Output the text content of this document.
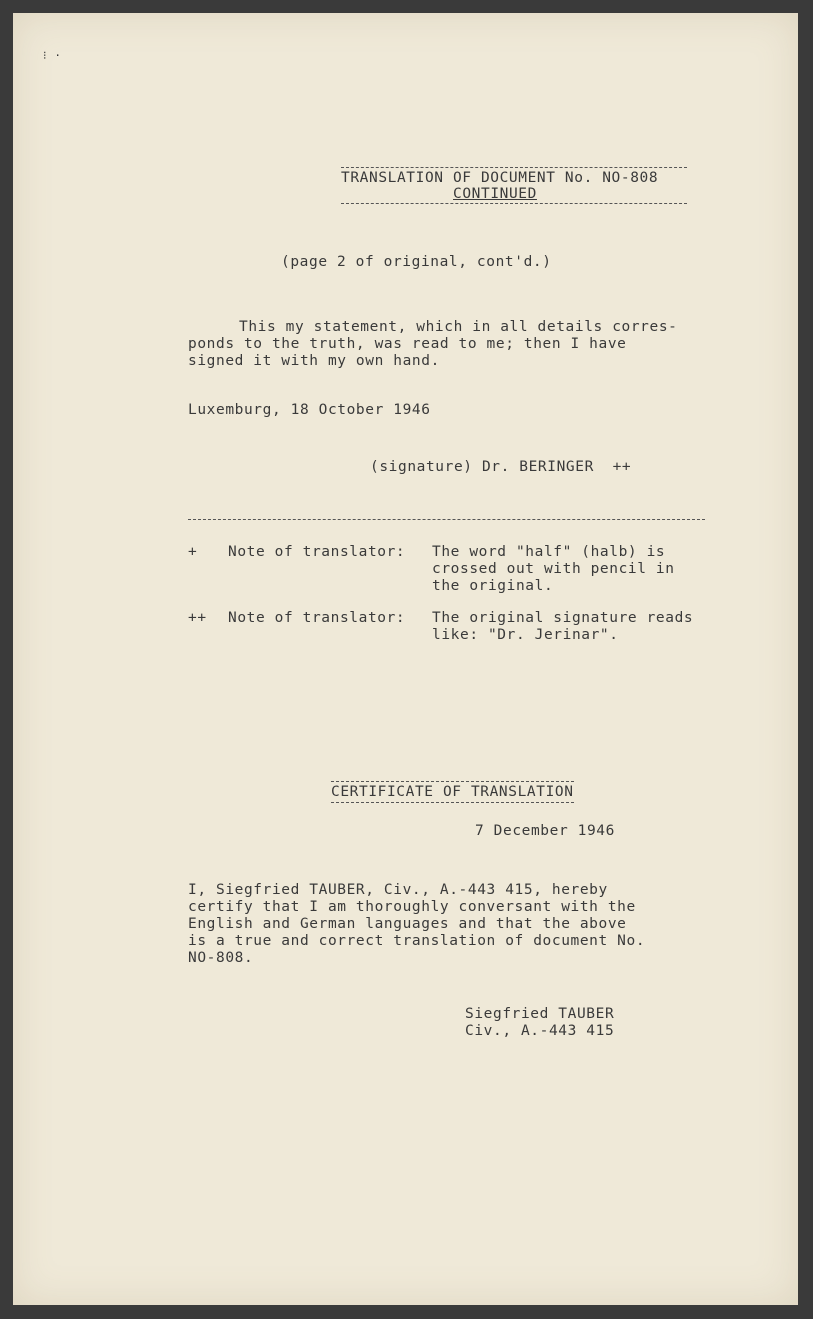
⁝ ·
TRANSLATION OF DOCUMENT No. NO-808
CONTINUED
(page 2 of original, cont'd.)
This my statement, which in all details corres-
ponds to the truth, was read to me; then I have
signed it with my own hand.
Luxemburg, 18 October 1946
(signature) Dr. BERINGER  ++
+ Note of translator: The word "half" (halb) is
crossed out with pencil in
the original.
++ Note of translator: The original signature reads
like: "Dr. Jerinar".
CERTIFICATE OF TRANSLATION
7 December 1946
I, Siegfried TAUBER, Civ., A.-443 415, hereby
certify that I am thoroughly conversant with the
English and German languages and that the above
is a true and correct translation of document No.
NO-808.
Siegfried TAUBER
Civ., A.-443 415
